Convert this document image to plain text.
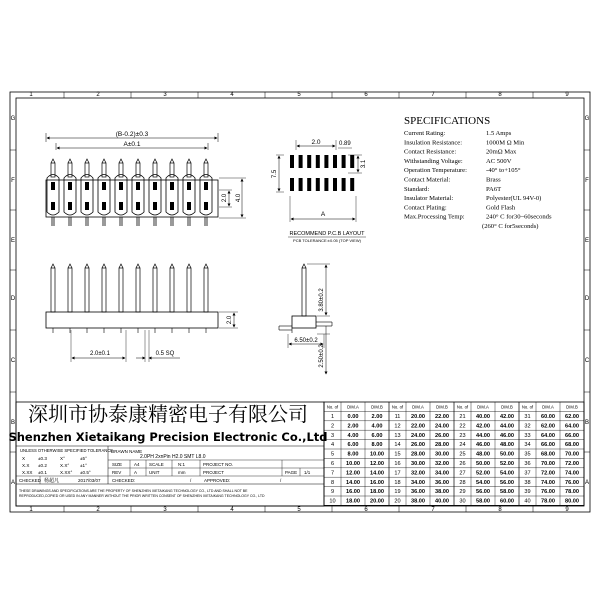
1	2	3	4	5	6	7	8	9
1	2	3	4	5	6	7	8	9
G
F
E
D
C
B
A
G
F
E
D
C
B
A
(B-0.2)±0.3
A±0.1
2.0 4.0
2.0	0.89
7.5
3.1
A
RECOMMEND P.C.B LAYOUT
PCB TOLERANCE:±0.05 (TOP VIEW)
2.0
2.0±0.1	0.5 SQ
6.50±0.2
3.80±0.2
2.50±0.2
SPECIFICATIONS
Current Rating:	1.5 Amps
Insulation Resistance:	1000M Ω Min
Contact Resistance:	20mΩ Max
Withstanding Voltage:	AC 500V
Operation Temperature:	-40° to+105°
Contact Material:	Brass
Standard:	PA6T
Insulator Material:	Polyester(UL 94V-0)
Contact Plating:	Gold Flash
Max.Processing Temp:	240° C for30~60seconds
(260° C for5seconds)
深圳市协泰康精密电子有限公司
Shenzhen Xietaikang Precision Electronic Co.,Ltd
UNLESS OTHERWISE SPECIFIED TOLERANCE
X	±0.3	X°	±5°
X.X ±0.2	X.X° ±1°
X.XX ±0.1	X.XX° ±0.5°
DRAWN NAME
2.0PH 2xnPin H2.0 SMT L8.0
SIZE	A4 SCALE	N:1	PROJECT NO.
REV	A	UNIT	mm	PROJECT	PAGE 1/1
CHECKED 杨超凡	2017/03/07	CHECKED:	/	APPROVED:	/
THESE DRAWINGS AND SPECIFICATIONS ARE THE PROPERTY OF SHENZHEN XIETAIKANG TECHNOLOGY CO., LTD AND SHALL NOT BE
REPRODUCED,COPIED OR USED IN ANY MANNER WITHOUT THE PRIOR WRITTEN CONSENT OF SHENZHEN XIETAIKANG TECHNOLOGY CO., LTD
No. of DIM.A	DIM.B No. of DIM.A	DIM.B No. of DIM.A	DIM.B No. of DIM.A	DIM.B
1 0.00 2.00 11 20.00 22.00 21 40.00 42.00 31 60.00 62.00
2 2.00 4.00 12 22.00 24.00 22 42.00 44.00 32 62.00 64.00
3 4.00 6.00 13 24.00 26.00 23 44.00 46.00 33 64.00 66.00
4 6.00 8.00 14 26.00 28.00 24 46.00 48.00 34 66.00 68.00
5 8.00 10.00 15 28.00 30.00 25 48.00 50.00 35 68.00 70.00
6 10.00 12.00 16 30.00 32.00 26 50.00 52.00 36 70.00 72.00
7 12.00 14.00 17 32.00 34.00 27 52.00 54.00 37 72.00 74.00
8 14.00 16.00 18 34.00 36.00 28 54.00 56.00 38 74.00 76.00
9 16.00 18.00 19 36.00 38.00 29 56.00 58.00 39 76.00 78.00
10 18.00 20.00 20 38.00 40.00 30 58.00 60.00 40 78.00 80.00
